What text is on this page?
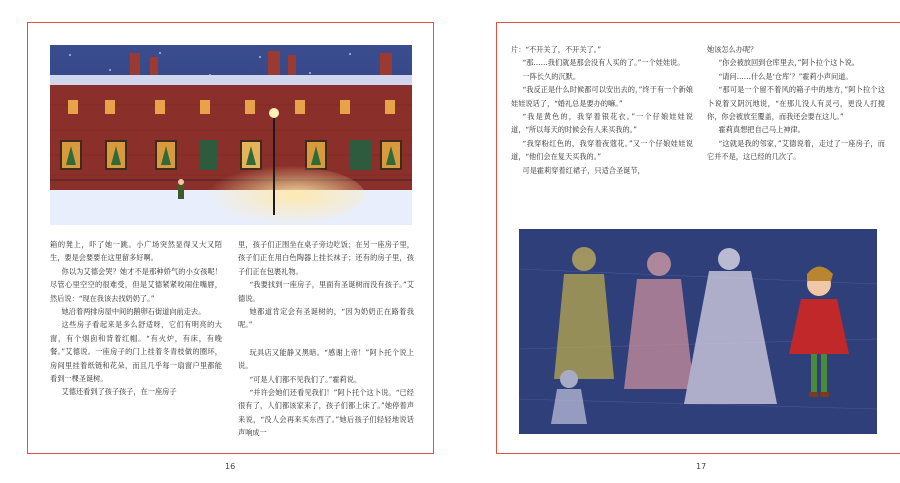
箱的凳上，吓了她一跳。小广场突然显得又大又陌生，要是会要要在这里留多好啊。

你以为艾德会哭？她才不是那种娇气的小女孩呢！尽管心里空空的很难受，但是艾德紧紧咬闹住嘴唇，然后说：“现在我该去找奶奶了。”

她沿着两排房屋中间的鹅卵石街道向前走去。

这些房子看起来是多么舒适呀，它们有明亮的大窗，有个烟囱和背着红帽。“有火炉，有床，有晚餐。”艾德说。一座房子的门上挂着冬青枝做的圈环，房间里挂着纸链和花朵，而且几乎每一扇窗户里都能看到一棵圣诞树。

艾德还看到了孩子孩子，在一座房子

里，孩子们正围坐在桌子旁边吃饭；在另一座房子里，孩子们正在用白色陶器上挂长袜子；还有的房子里，孩子们正在包裹礼物。

“我要找到一座房子，里面有圣诞树而没有孩子。”艾德说。

她都道肯定会有圣诞树的，“因为奶奶正在路着我呢。”

玩具店又能静又黑暗。“感谢上帝！”阿卜托个说上说。

“可是人们都不见我们了。”霍莉说。

“并许会她们还看见我们！”阿卜托个这卜说。“已经很有了，人们都该家来了，孩子们都上床了。”她停着声来说，“没人会再来买东西了。”她后孩子们轻轻地说话声响成一

16

片：“不开关了，不开关了。”

“那……我们就是那会没有人买的了。”一个娃娃说。

一阵长久的沉默。

“我反正是什么时候都可以安出去的，”终于有一个新娘娃娃说话了，“婚礼总是要办的嘛。”

“我是黄色的，我穿着银花衣。”一个仔娘娃娃说道，“所以每天的时候会有人来买我的。”

“我穿粉红色的，我穿着夜蔻花。”又一个仔娘娃娃说道，“他们会在复天买我的。”

可是霍莉穿着红裙子，只适合圣诞节，

她该怎么办呢？

“你会被放回到仓库里去，”阿卜拉个这卜说。

“请问……什么是‘仓库’？”霍莉小声问道。

“那可是一个留不着风的箱子中的地方，”阿卜拉个这卜说着又阴沉地说，“在那儿没人有灵弓，更没人打搅你，你会被放至覆盖，而我还会要在这儿。”

霍莉真想把自己马上神律。

“这就是我的邻家，”艾德说着，走过了一座房子，而它并不是，这已经的几次了。

17
